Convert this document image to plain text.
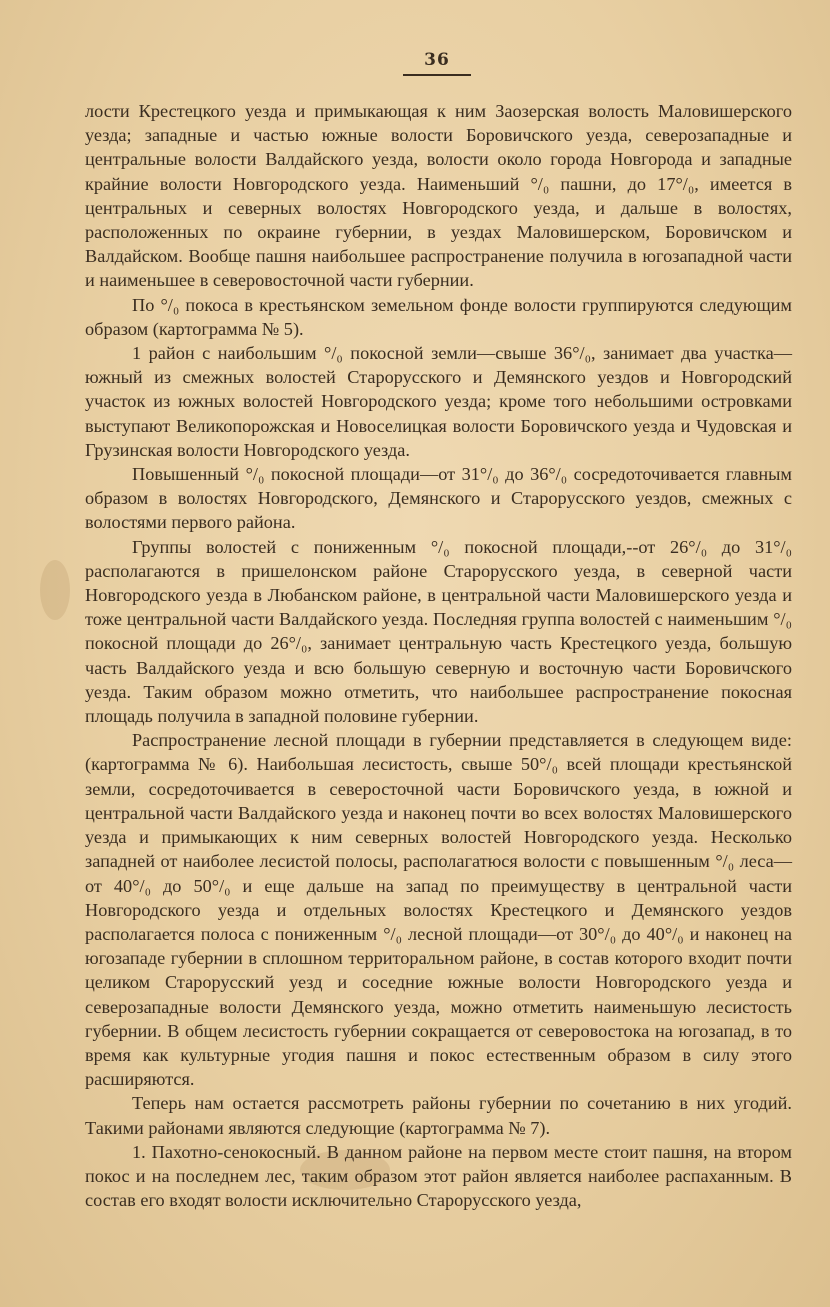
36

лости Крестецкого уезда и примыкающая к ним Заозерская волость Маловишерского уезда; западные и частью южные волости Боровичского уезда, северозападные и центральные волости Валдайского уезда, волости около города Новгорода и западные крайние волости Новгородского уезда. Наименьший °/₀ пашни, до 17°/₀, имеется в центральных и северных волостях Новгородского уезда, и дальше в волостях, расположенных по окраине губернии, в уездах Маловишерском, Боровичском и Валдайском. Вообще пашня наибольшее распространение получила в югозападной части и наименьшее в северовосточной части губернии.

По °/₀ покоса в крестьянском земельном фонде волости группируются следующим образом (картограмма № 5).

1 район с наибольшим °/₀ покосной земли—свыше 36°/₀, занимает два участка—южный из смежных волостей Старорусского и Демянского уездов и Новгородский участок из южных волостей Новгородского уезда; кроме того небольшими островками выступают Великопорожская и Новоселицкая волости Боровичского уезда и Чудовская и Грузинская волости Новгородского уезда.

Повышенный °/₀ покосной площади—от 31°/₀ до 36°/₀ сосредоточивается главным образом в волостях Новгородского, Демянского и Старорусского уездов, смежных с волостями первого района.

Группы волостей с пониженным °/₀ покосной площади,--от 26°/₀ до 31°/₀ располагаются в пришелонском районе Старорусского уезда, в северной части Новгородского уезда в Любанском районе, в центральной части Маловишерского уезда и тоже центральной части Валдайского уезда. Последняя группа волостей с наименьшим °/₀ покосной площади до 26°/₀, занимает центральную часть Крестецкого уезда, большую часть Валдайского уезда и всю большую северную и восточную части Боровичского уезда. Таким образом можно отметить, что наибольшее распространение покосная площадь получила в западной половине губернии.

Распространение лесной площади в губернии представляется в следующем виде: (картограмма № 6). Наибольшая лесистость, свыше 50°/₀ всей площади крестьянской земли, сосредоточивается в северосточной части Боровичского уезда, в южной и центральной части Валдайского уезда и наконец почти во всех волостях Маловишерского уезда и примыкающих к ним северных волостей Новгородского уезда. Несколько западней от наиболее лесистой полосы, располагатюся волости с повышенным °/₀ леса—от 40°/₀ до 50°/₀ и еще дальше на запад по преимуществу в центральной части Новгородского уезда и отдельных волостях Крестецкого и Демянского уездов располагается полоса с пониженным °/₀ лесной площади—от 30°/₀ до 40°/₀ и наконец на югозападе губернии в сплошном территоральном районе, в состав которого входит почти целиком Старорусский уезд и соседние южные волости Новгородского уезда и северозападные волости Демянского уезда, можно отметить наименьшую лесистость губернии. В общем лесистость губернии сокращается от северовостока на югозапад, в то время как культурные угодия пашня и покос естественным образом в силу этого расширяются.

Теперь нам остается рассмотреть районы губернии по сочетанию в них угодий. Такими районами являются следующие (картограмма № 7).

1. Пахотно-сенокосный. В данном районе на первом месте стоит пашня, на втором покос и на последнем лес, таким образом этот район является наиболее распаханным. В состав его входят волости исключительно Старорусского уезда,
